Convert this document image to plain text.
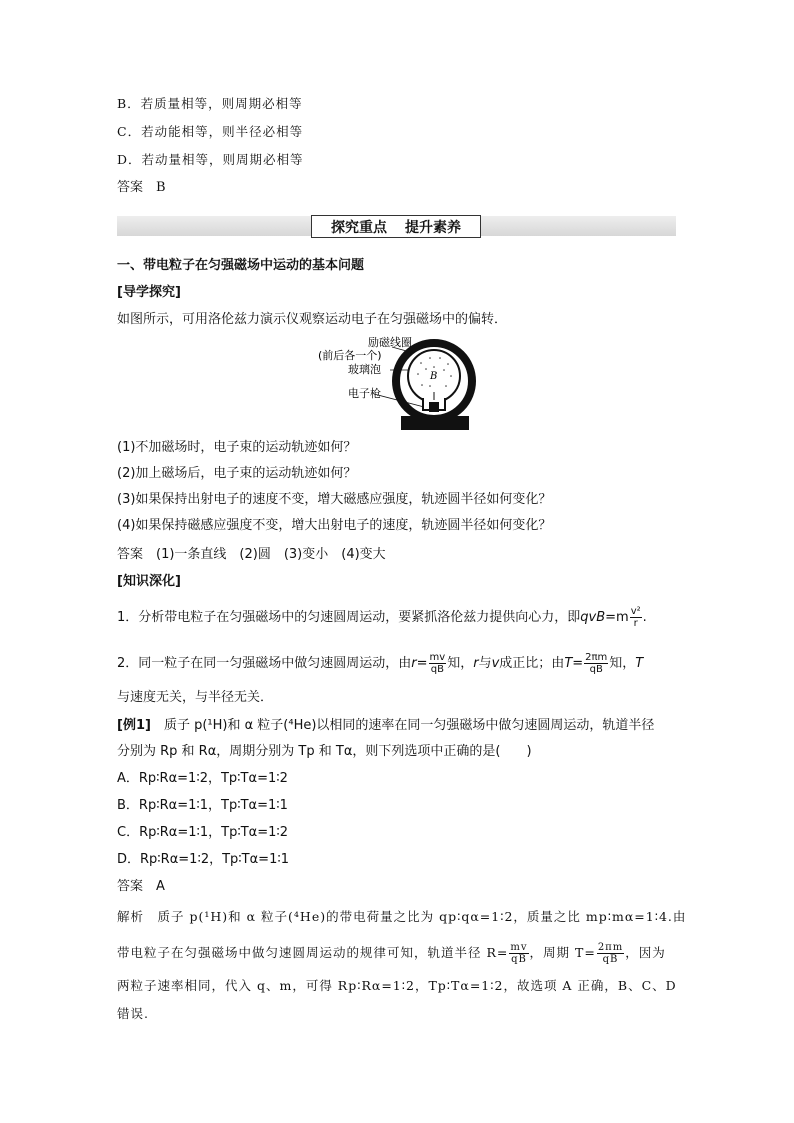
B．若质量相等，则周期必相等
C．若动能相等，则半径必相等
D．若动量相等，则周期必相等
答案　B
探究重点 提升素养
一、带电粒子在匀强磁场中运动的基本问题
[导学探究]
如图所示，可用洛伦兹力演示仪观察运动电子在匀强磁场中的偏转．
励磁线圈
(前后各一个)
玻璃泡
电子枪
B
(1)不加磁场时，电子束的运动轨迹如何？
(2)加上磁场后，电子束的运动轨迹如何？
(3)如果保持出射电子的速度不变，增大磁感应强度，轨迹圆半径如何变化？
(4)如果保持磁感应强度不变，增大出射电子的速度，轨迹圆半径如何变化？
答案　(1)一条直线　(2)圆　(3)变小　(4)变大
[知识深化]
1．分析带电粒子在匀强磁场中的匀速圆周运动，要紧抓洛伦兹力提供向心力，即$qvB=m \frac{\text{v²}}{r}$ .
2．同一粒子在同一匀强磁场中做匀速圆周运动，由$r= \frac{mv}{qB}$ 知，r与v成正比；由$T= \frac{2\pi m}{qB}$ 知，T
与速度无关，与半径无关．
[例1]　质子 p(¹H)和 α 粒子(⁴He)以相同的速率在同一匀强磁场中做匀速圆周运动，轨道半径
分别为 Rp 和 Rα，周期分别为 Tp 和 Tα，则下列选项中正确的是(　　)
A．Rp∶Rα=1∶2，Tp∶Tα=1∶2
B．Rp∶Rα=1∶1，Tp∶Tα=1∶1
C．Rp∶Rα=1∶1，Tp∶Tα=1∶2
D．Rp∶Rα=1∶2，Tp∶Tα=1∶1
答案　A
解析　质子 p(¹H)和 α 粒子(⁴He)的带电荷量之比为 qp∶qα=1∶2，质量之比 mp∶mα=1∶4.由
带电粒子在匀强磁场中做匀速圆周运动的规律可知，轨道半径 $R= \frac{mv}{qB}$ ，周期 $T= \frac{2\pi m}{qB}$ ，因为
两粒子速率相同，代入 q、m，可得 Rp∶Rα=1∶2，Tp∶Tα=1∶2，故选项 A 正确，B、C、D
错误.
